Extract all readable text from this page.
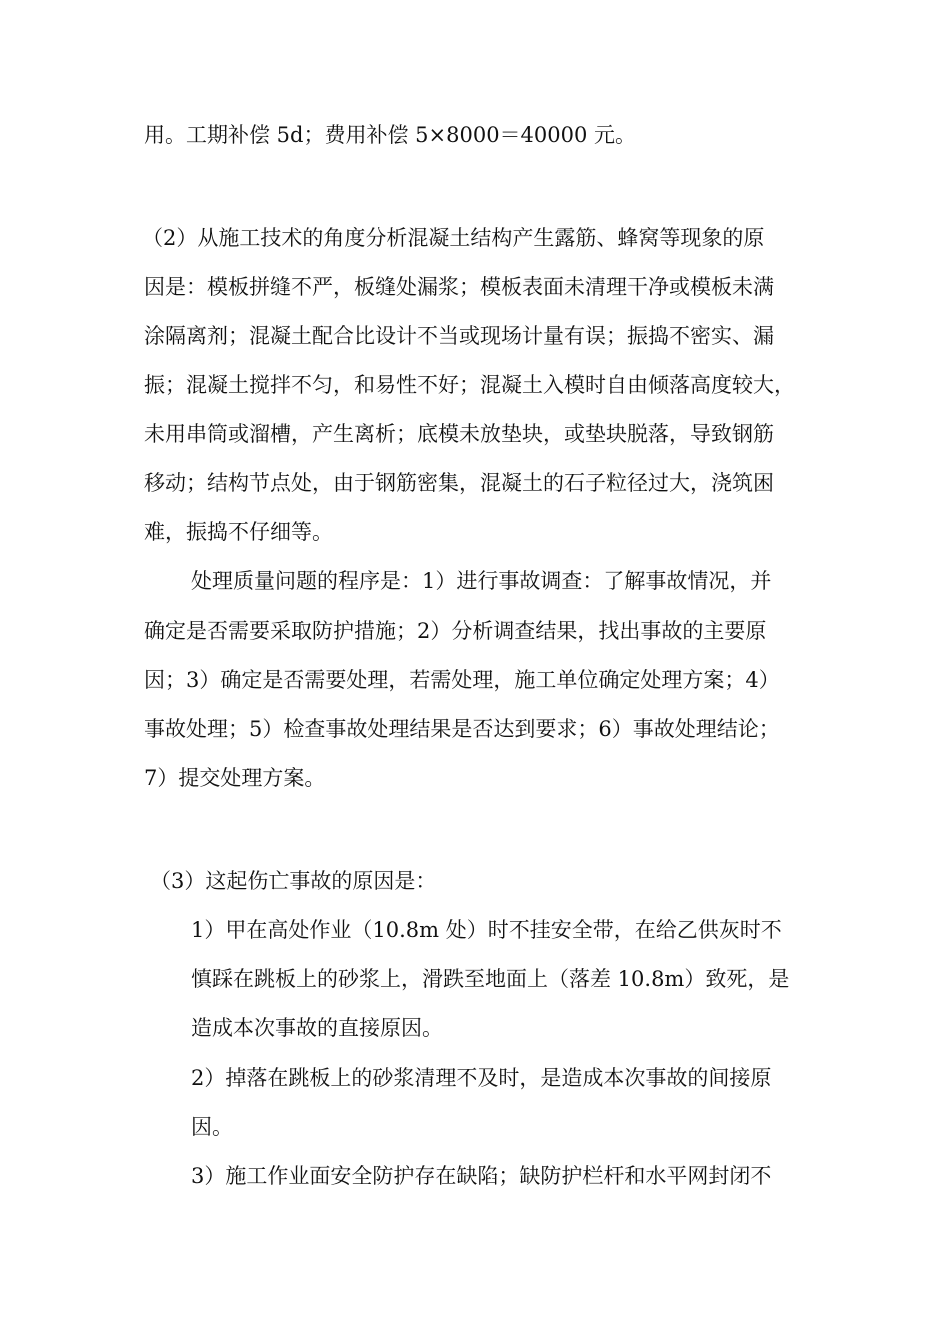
用。工期补偿 5d；费用补偿 5×8000＝40000 元。
（2）从施工技术的角度分析混凝土结构产生露筋、蜂窝等现象的原
因是：模板拼缝不严，板缝处漏浆；模板表面未清理干净或模板未满
涂隔离剂；混凝土配合比设计不当或现场计量有误；振捣不密实、漏
振；混凝土搅拌不匀，和易性不好；混凝土入模时自由倾落高度较大，
未用串筒或溜槽，产生离析；底模未放垫块，或垫块脱落，导致钢筋
移动；结构节点处，由于钢筋密集，混凝土的石子粒径过大，浇筑困
难，振捣不仔细等。
处理质量问题的程序是：1）进行事故调查：了解事故情况，并
确定是否需要采取防护措施；2）分析调查结果，找出事故的主要原
因；3）确定是否需要处理，若需处理，施工单位确定处理方案；4）
事故处理；5）检查事故处理结果是否达到要求；6）事故处理结论；
7）提交处理方案。
（3）这起伤亡事故的原因是：
1）甲在高处作业（10.8m 处）时不挂安全带，在给乙供灰时不
慎踩在跳板上的砂浆上，滑跌至地面上（落差 10.8m）致死，是
造成本次事故的直接原因。
2）掉落在跳板上的砂浆清理不及时，是造成本次事故的间接原
因。
3）施工作业面安全防护存在缺陷；缺防护栏杆和水平网封闭不
